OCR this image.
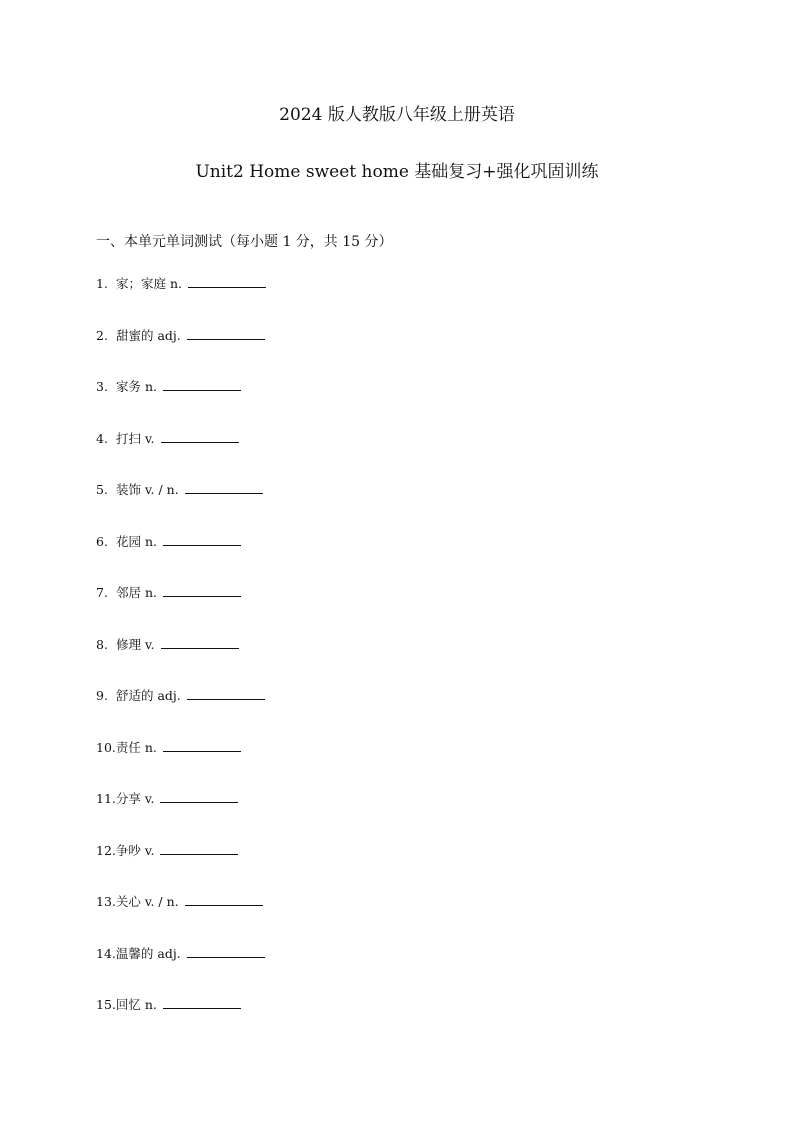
2024 版人教版八年级上册英语
Unit2 Home sweet home 基础复习+强化巩固训练
一、本单元单词测试（每小题 1 分，共 15 分）
1. 家；家庭 n.
2. 甜蜜的 adj.
3. 家务 n.
4. 打扫 v.
5. 装饰 v. / n.
6. 花园 n.
7. 邻居 n.
8. 修理 v.
9. 舒适的 adj.
10.责任 n.
11.分享 v.
12.争吵 v.
13.关心 v. / n.
14.温馨的 adj.
15.回忆 n.
